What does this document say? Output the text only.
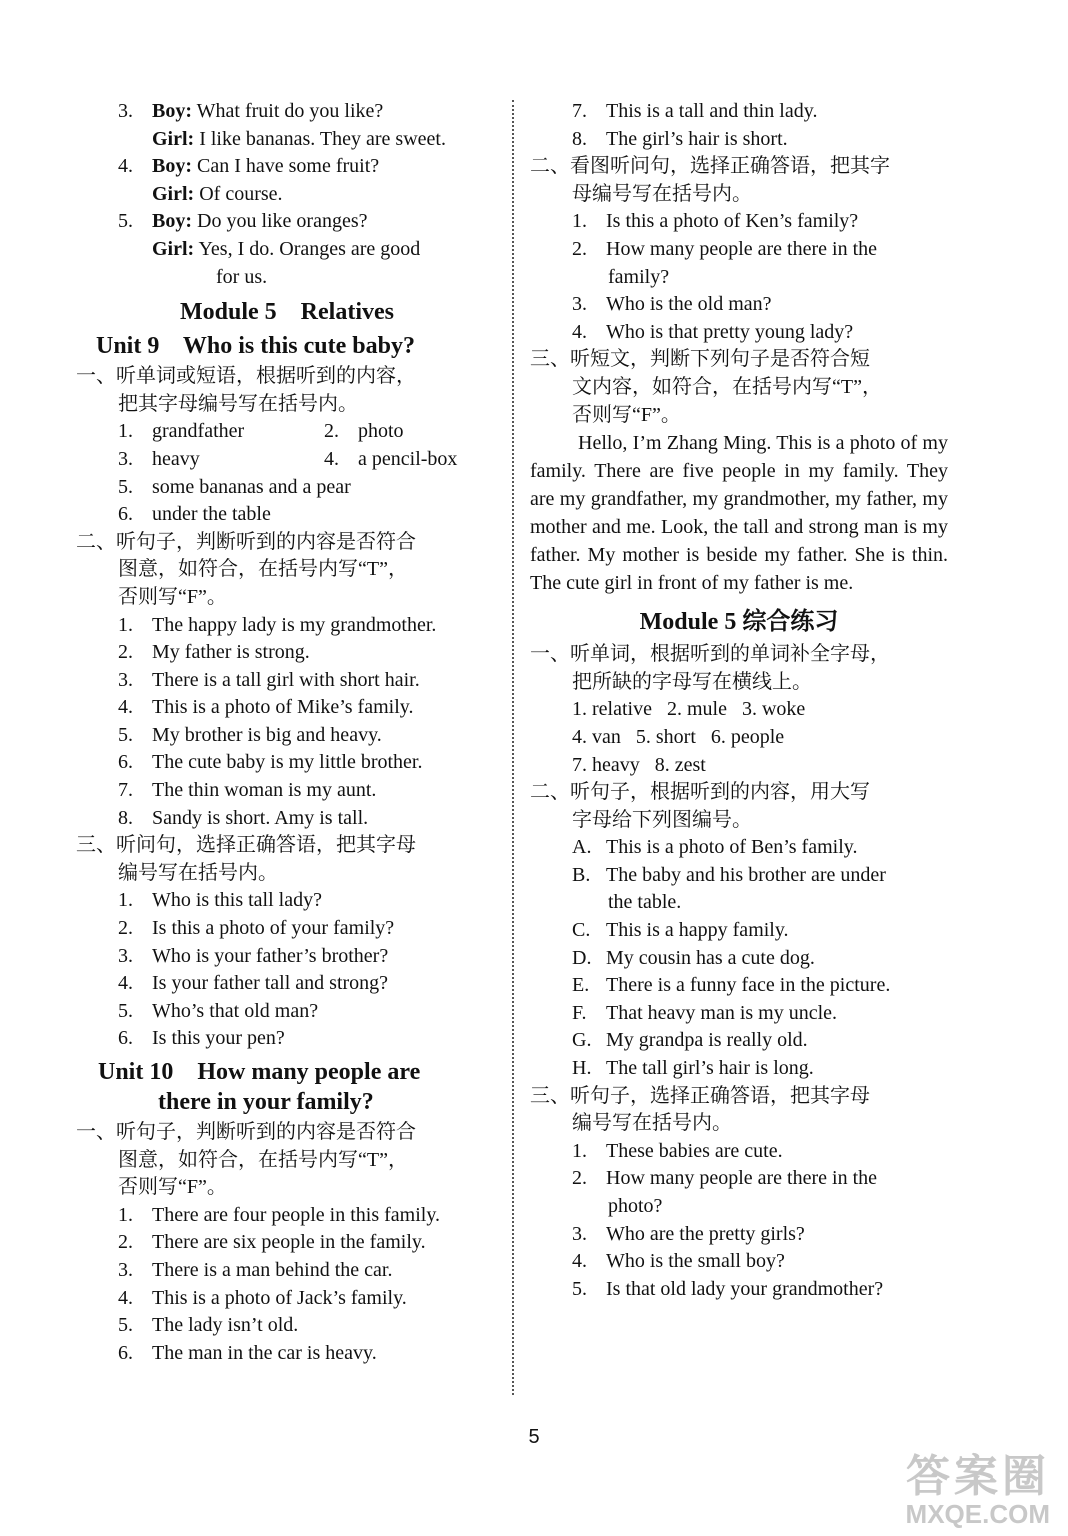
3. Boy: What fruit do you like?
Girl: I like bananas. They are sweet.
4. Boy: Can I have some fruit?
Girl: Of course.
5. Boy: Do you like oranges?
Girl: Yes, I do. Oranges are good
for us.
Module 5    Relatives
Unit 9    Who is this cute baby?
一、听单词或短语，根据听到的内容，
把其字母编号写在括号内。
1. grandfather	2. photo
3. heavy	4. a pencil-box
5. some bananas and a pear
6. under the table
二、听句子，判断听到的内容是否符合
图意，如符合，在括号内写“T”，
否则写“F”。
1. The happy lady is my grandmother.
2. My father is strong.
3. There is a tall girl with short hair.
4. This is a photo of Mike’s family.
5. My brother is big and heavy.
6. The cute baby is my little brother.
7. The thin woman is my aunt.
8. Sandy is short. Amy is tall.
三、听问句，选择正确答语，把其字母
编号写在括号内。
1. Who is this tall lady?
2. Is this a photo of your family?
3. Who is your father’s brother?
4. Is your father tall and strong?
5. Who’s that old man?
6. Is this your pen?
Unit 10    How many people are
there in your family?
一、听句子，判断听到的内容是否符合
图意，如符合，在括号内写“T”，
否则写“F”。
1. There are four people in this family.
2. There are six people in the family.
3. There is a man behind the car.
4. This is a photo of Jack’s family.
5. The lady isn’t old.
6. The man in the car is heavy.
7. This is a tall and thin lady.
8. The girl’s hair is short.
二、看图听问句，选择正确答语，把其字
母编号写在括号内。
1. Is this a photo of Ken’s family?
2. How many people are there in the
family?
3. Who is the old man?
4. Who is that pretty young lady?
三、听短文，判断下列句子是否符合短
文内容，如符合，在括号内写“T”，
否则写“F”。
Hello, I’m Zhang Ming. This is a photo of my family. There are five people in my family. They are my grandfather, my grandmother, my father, my mother and me. Look, the tall and strong man is my father. My mother is beside my father. She is thin. The cute girl in front of my father is me.
Module 5 综合练习
一、听单词，根据听到的单词补全字母，
把所缺的字母写在横线上。
1. relative   2. mule   3. woke
4. van   5. short   6. people
7. heavy   8. zest
二、听句子，根据听到的内容，用大写
字母给下列图编号。
A. This is a photo of Ben’s family.
B. The baby and his brother are under
the table.
C. This is a happy family.
D. My cousin has a cute dog.
E. There is a funny face in the picture.
F. That heavy man is my uncle.
G. My grandpa is really old.
H. The tall girl’s hair is long.
三、听句子，选择正确答语，把其字母
编号写在括号内。
1. These babies are cute.
2. How many people are there in the
photo?
3. Who are the pretty girls?
4. Who is the small boy?
5. Is that old lady your grandmother?
5
答案圈
MXQE.COM
